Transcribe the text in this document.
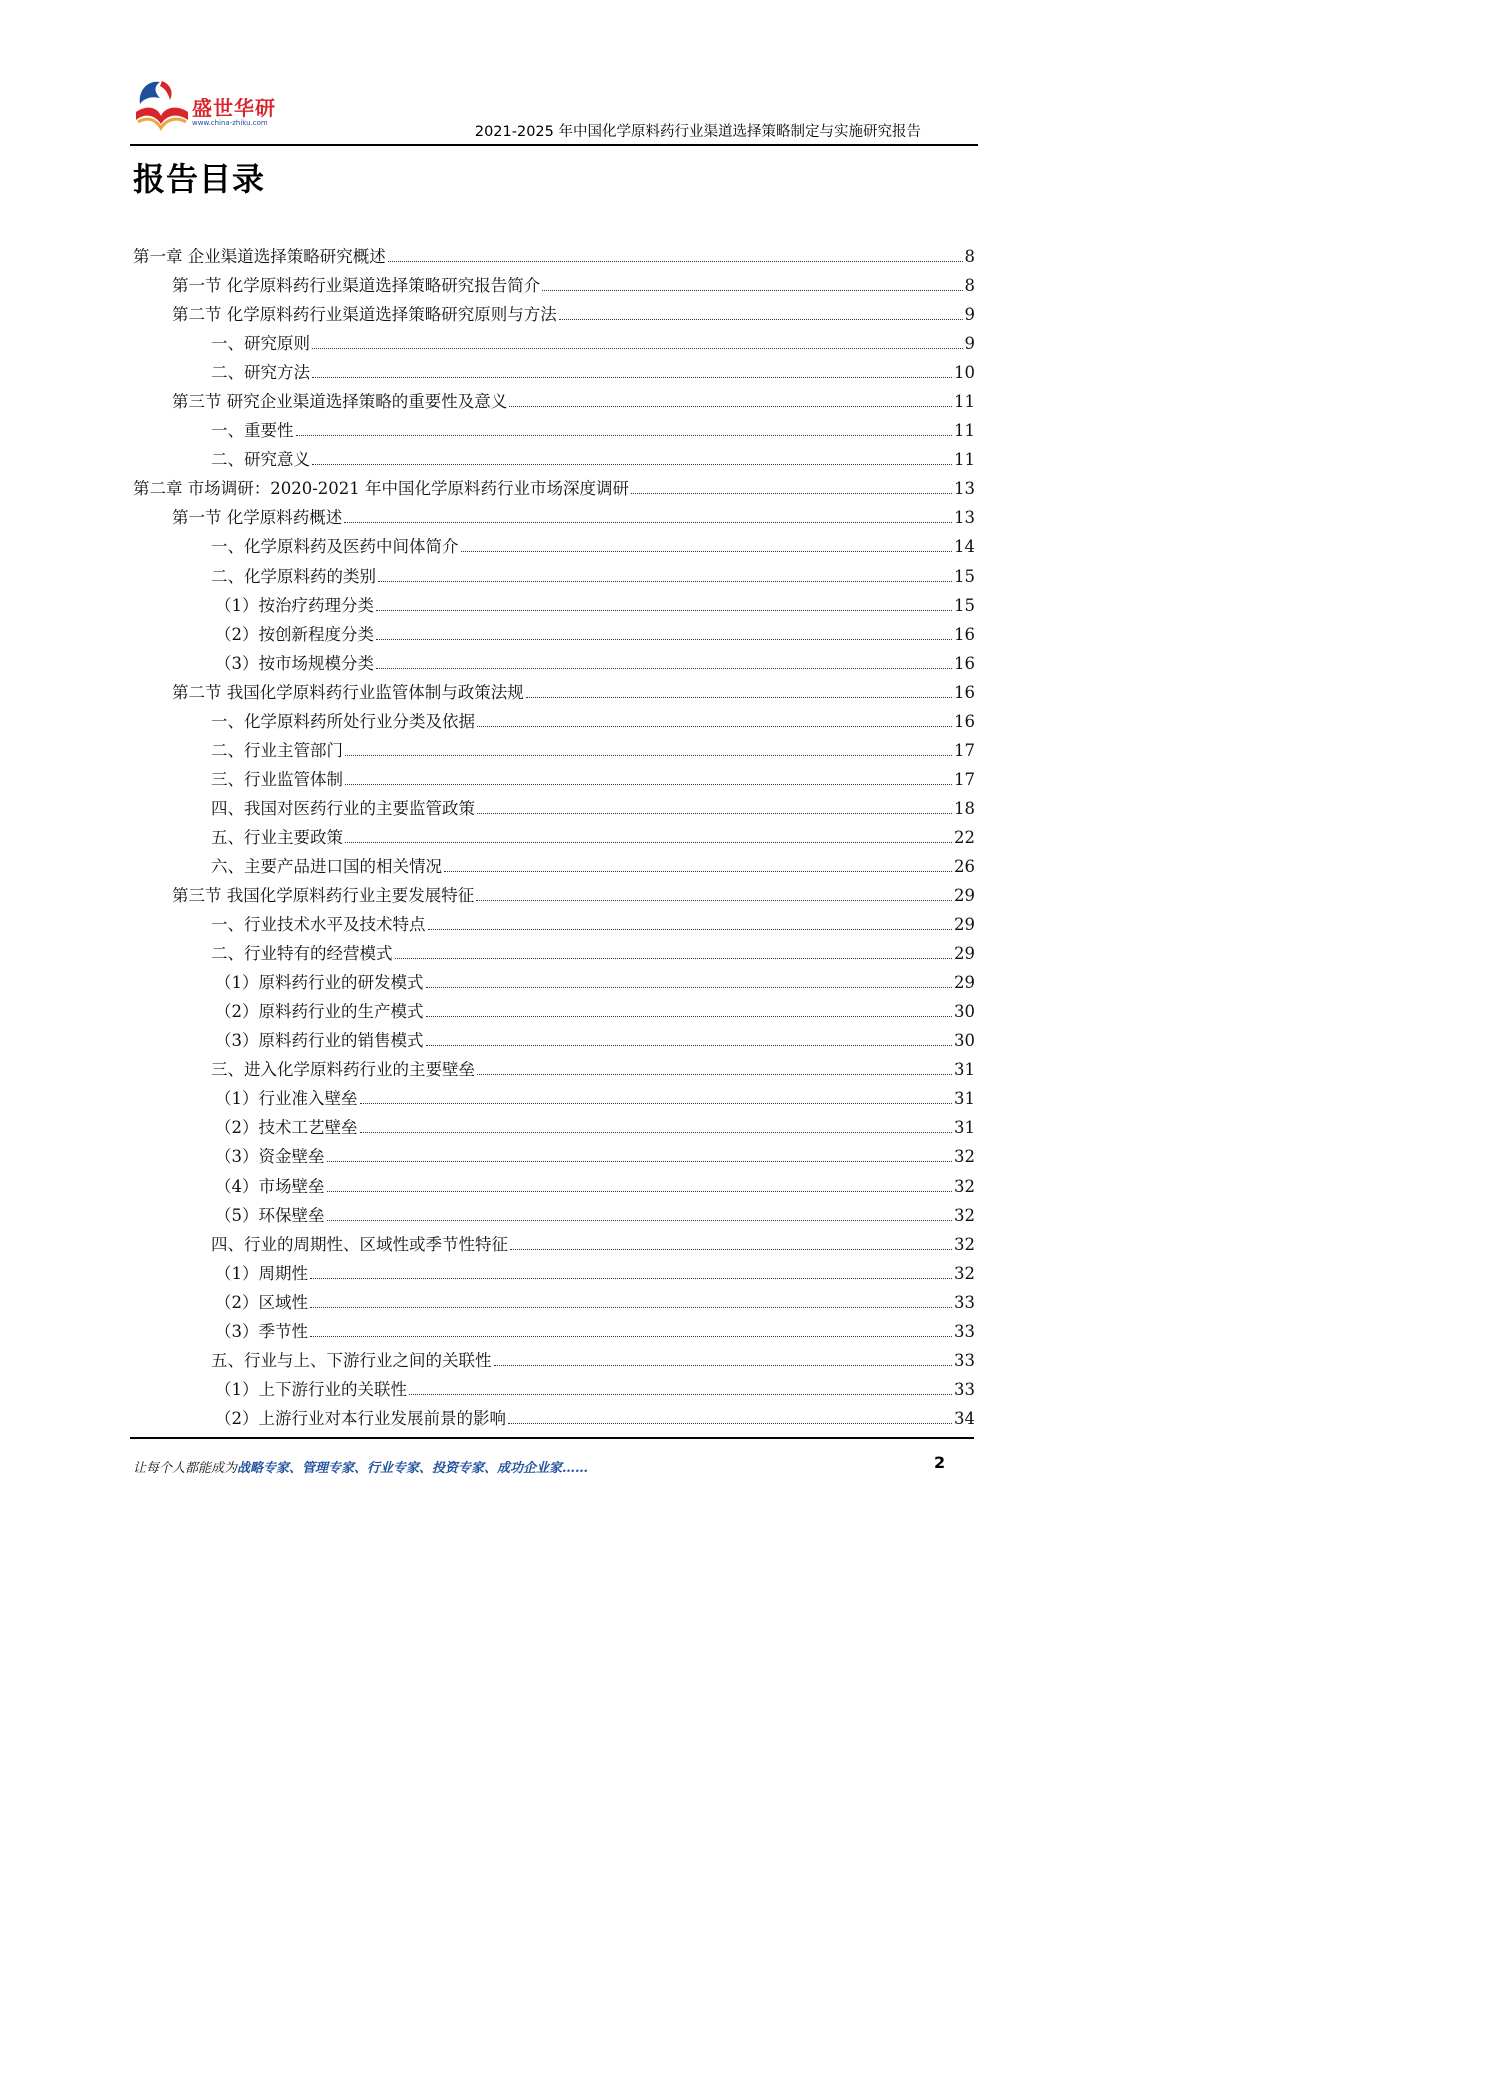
盛世华研
www.china-zhiku.com
2021-2025 年中国化学原料药行业渠道选择策略制定与实施研究报告
报告目录
第一章 企业渠道选择策略研究概述	8
第一节 化学原料药行业渠道选择策略研究报告简介	8
第二节 化学原料药行业渠道选择策略研究原则与方法	9
一、研究原则	9
二、研究方法	10
第三节 研究企业渠道选择策略的重要性及意义	11
一、重要性	11
二、研究意义	11
第二章 市场调研：2020-2021 年中国化学原料药行业市场深度调研	13
第一节 化学原料药概述	13
一、化学原料药及医药中间体简介	14
二、化学原料药的类别	15
（1）按治疗药理分类	15
（2）按创新程度分类	16
（3）按市场规模分类	16
第二节 我国化学原料药行业监管体制与政策法规	16
一、化学原料药所处行业分类及依据	16
二、行业主管部门	17
三、行业监管体制	17
四、我国对医药行业的主要监管政策	18
五、行业主要政策	22
六、主要产品进口国的相关情况	26
第三节 我国化学原料药行业主要发展特征	29
一、行业技术水平及技术特点	29
二、行业特有的经营模式	29
（1）原料药行业的研发模式	29
（2）原料药行业的生产模式	30
（3）原料药行业的销售模式	30
三、进入化学原料药行业的主要壁垒	31
（1）行业准入壁垒	31
（2）技术工艺壁垒	31
（3）资金壁垒	32
（4）市场壁垒	32
（5）环保壁垒	32
四、行业的周期性、区域性或季节性特征	32
（1）周期性	32
（2）区域性	33
（3）季节性	33
五、行业与上、下游行业之间的关联性	33
（1）上下游行业的关联性	33
（2）上游行业对本行业发展前景的影响	34
让每个人都能成为战略专家、管理专家、行业专家、投资专家、成功企业家……	2
